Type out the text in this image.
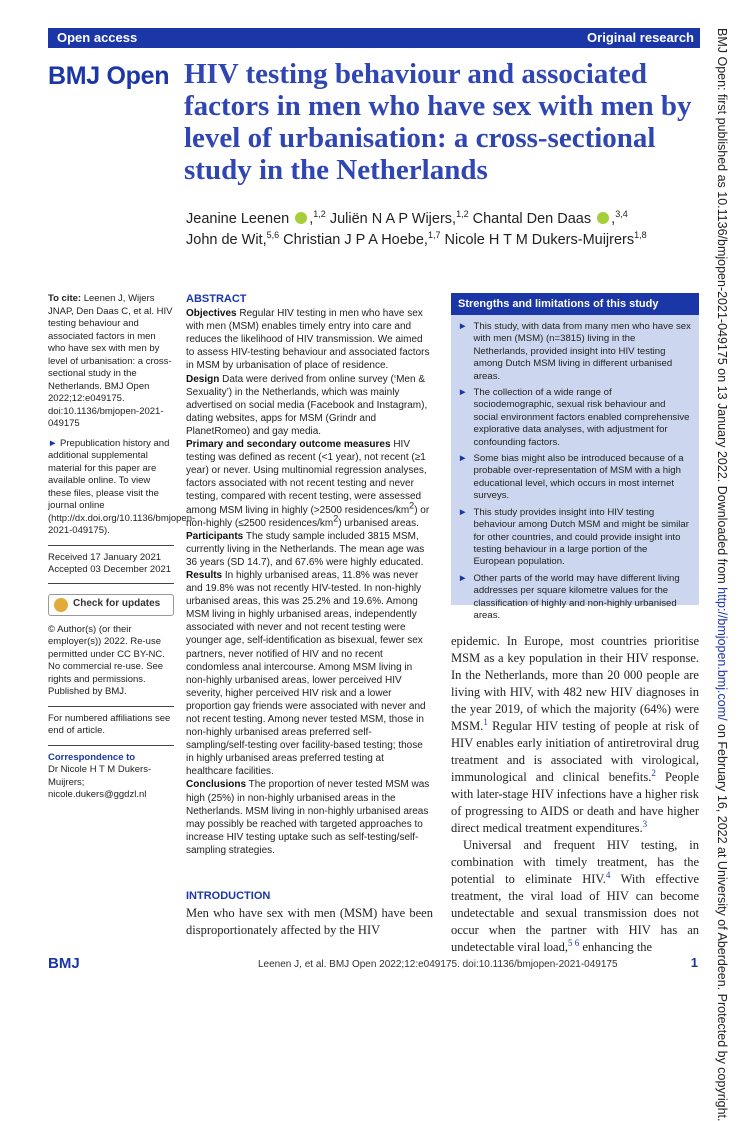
Open access	Original research
BMJ Open HIV testing behaviour and associated factors in men who have sex with men by level of urbanisation: a cross-sectional study in the Netherlands
Jeanine Leenen ,$^{1,2}$ Juliën N A P Wijers,$^{1,2}$ Chantal Den Daas ,$^{3,4}$
John de Wit,$^{5,6}$ Christian J P A Hoebe,$^{1,7}$ Nicole H T M Dukers-Muijrers$^{1,8}$

To cite: Leenen J, Wijers JNAP, Den Daas C, et al. HIV testing behaviour and associated factors in men who have sex with men by level of urbanisation: a cross-sectional study in the Netherlands. BMJ Open 2022;12:e049175. doi:10.1136/bmjopen-2021-049175

► Prepublication history and additional supplemental material for this paper are available online. To view these files, please visit the journal online (http://dx.doi.org/10.1136/bmjopen-2021-049175).

Received 17 January 2021
Accepted 03 December 2021
Check for updates

© Author(s) (or their employer(s)) 2022. Re-use permitted under CC BY-NC. No commercial re-use. See rights and permissions. Published by BMJ.

For numbered affiliations see end of article.

Correspondence to
Dr Nicole H T M Dukers-Muijrers; nicole.dukers@ggdzl.nl
ABSTRACT

Objectives Regular HIV testing in men who have sex with men (MSM) enables timely entry into care and reduces the likelihood of HIV transmission. We aimed to assess HIV-testing behaviour and associated factors in MSM by urbanisation of place of residence.

Design Data were derived from online survey (‘Men & Sexuality’) in the Netherlands, which was mainly advertised on social media (Facebook and Instagram), dating websites, apps for MSM (Grindr and PlanetRomeo) and gay media.

Primary and secondary outcome measures HIV testing was defined as recent (<1 year), not recent (≥1 year) or never. Using multinomial regression analyses, factors associated with not recent testing and never testing, compared with recent testing, were assessed among MSM living in highly (>2500 residences/$km^2$) or non-highly (≤2500 residences/$km^2$) urbanised areas.

Participants The study sample included 3815 MSM, currently living in the Netherlands. The mean age was 36 years (SD 14.7), and 67.6% were highly educated.

Results In highly urbanised areas, 11.8% was never and 19.8% was not recently HIV-tested. In non-highly urbanised areas, this was 25.2% and 19.6%. Among MSM living in highly urbanised areas, independently associated with never and not recent testing were younger age, self-identification as bisexual, fewer sex partners, never notified of HIV and no recent condomless anal intercourse. Among MSM living in non-highly urbanised areas, lower perceived HIV severity, higher perceived HIV risk and a lower proportion gay friends were associated with never and not recent testing. Among never tested MSM, those in non-highly urbanised areas preferred self-sampling/self-testing over facility-based testing; those in highly urbanised areas preferred testing at healthcare facilities.

Conclusions The proportion of never tested MSM was high (25%) in non-highly urbanised areas in the Netherlands. MSM living in non-highly urbanised areas may possibly be reached with targeted approaches to increase HIV testing uptake such as self-testing/self-sampling strategies.

INTRODUCTION

Men who have sex with men (MSM) have been disproportionately affected by the HIV

Strengths and limitations of this study
► This study, with data from many men who have sex with men (MSM) (n=3815) living in the Netherlands, provided insight into HIV testing among Dutch MSM living in different urbanised areas.
► The collection of a wide range of sociodemographic, sexual risk behaviour and social environment factors enabled comprehensive explorative data analyses, with adjustment for confounding factors.
► Some bias might also be introduced because of a probable over-representation of MSM with a high educational level, which occurs in most internet surveys.
► This study provides insight into HIV testing behaviour among Dutch MSM and might be similar for other countries, and could provide insight into testing behaviour in a large portion of the European population.
► Other parts of the world may have different living addresses per square kilometre values for the classification of highly and non-highly urbanised areas.

epidemic. In Europe, most countries prioritise MSM as a key population in their HIV response. In the Netherlands, more than 20 000 people are living with HIV, with 482 new HIV diagnoses in the year 2019, of which the majority (64%) were MSM.$^1$ Regular HIV testing of people at risk of HIV enables early initiation of antiretroviral drug treatment and is associated with virological, immunological and clinical benefits.$^2$ People with later-stage HIV infections have a higher risk of progressing to AIDS or death and have higher direct medical treatment expenditures.$^3$

Universal and frequent HIV testing, in combination with timely treatment, has the potential to eliminate HIV.$^4$ With effective treatment, the viral load of HIV can become undetectable and sexual transmission does not occur when the partner with HIV has an undetectable viral load,$^{5 6}$ enhancing the

BMJ	Leenen J, et al. BMJ Open 2022;12:e049175. doi:10.1136/bmjopen-2021-049175	1
BMJ Open: first published as 10.1136/bmjopen-2021-049175 on 13 January 2022. Downloaded from http://bmjopen.bmj.com/ on February 16, 2022 at University of Aberdeen. Protected by copyright.
